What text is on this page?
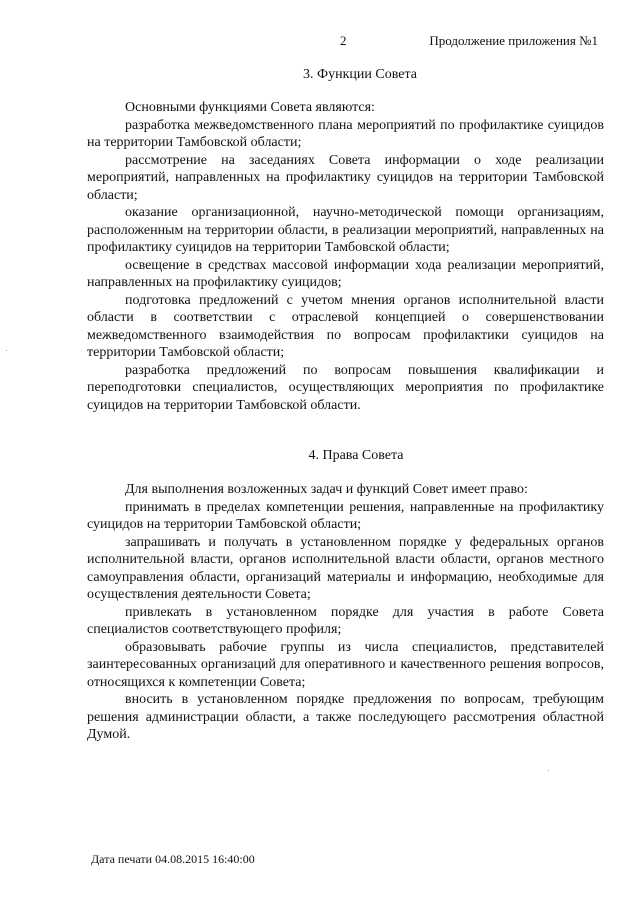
2	Продолжение приложения №1
3. Функции Совета

Основными функциями Совета являются:

разработка межведомственного плана мероприятий по профилактике суицидов на территории Тамбовской области;

рассмотрение на заседаниях Совета информации о ходе реализации мероприятий, направленных на профилактику суицидов на территории Тамбовской области;

оказание организационной, научно-методической помощи организациям, расположенным на территории области, в реализации мероприятий, направленных на профилактику суицидов на территории Тамбовской области;

освещение в средствах массовой информации хода реализации мероприятий, направленных на профилактику суицидов;

подготовка предложений с учетом мнения органов исполнительной власти области в соответствии с отраслевой концепцией о совершенствовании межведомственного взаимодействия по вопросам профилактики суицидов на территории Тамбовской области;

разработка предложений по вопросам повышения квалификации и переподготовки специалистов, осуществляющих мероприятия по профилактике суицидов на территории Тамбовской области.

4. Права Совета

Для выполнения возложенных задач и функций Совет имеет право:

принимать в пределах компетенции решения, направленные на профилактику суицидов на территории Тамбовской области;

запрашивать и получать в установленном порядке у федеральных органов исполнительной власти, органов исполнительной власти области, органов местного самоуправления области, организаций материалы и информацию, необходимые для осуществления деятельности Совета;

привлекать в установленном порядке для участия в работе Совета специалистов соответствующего профиля;

образовывать рабочие группы из числа специалистов, представителей заинтересованных организаций для оперативного и качественного решения вопросов, относящихся к компетенции Совета;

вносить в установленном порядке предложения по вопросам, требующим решения администрации области, а также последующего рассмотрения областной Думой.

Дата печати 04.08.2015 16:40:00
